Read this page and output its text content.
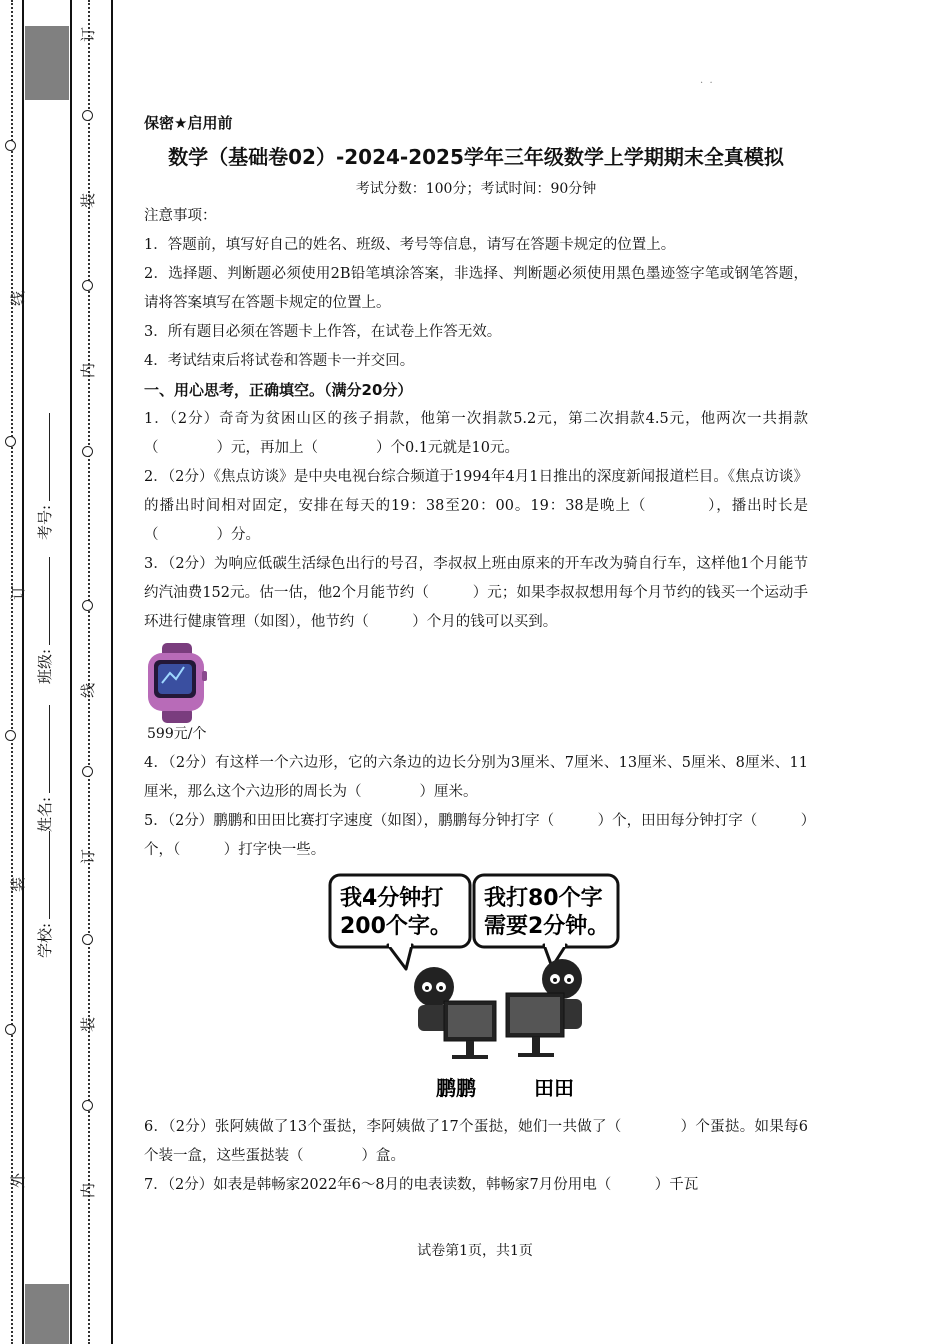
外
装
订
线
订
装
内
线
订
装
内
学校:
姓名:
班级:
考号:
·  ·

保密★启用前

数学（基础卷02）-2024-2025学年三年级数学上学期期末全真模拟

考试分数：100分；考试时间：90分钟

注意事项：

1．答题前，填写好自己的姓名、班级、考号等信息，请写在答题卡规定的位置上。

2．选择题、判断题必须使用2B铅笔填涂答案，非选择、判断题必须使用黑色墨迹签字笔或钢笔答题，请将答案填写在答题卡规定的位置上。

3．所有题目必须在答题卡上作答，在试卷上作答无效。

4．考试结束后将试卷和答题卡一并交回。

一、用心思考，正确填空。（满分20分）

1．（2分）奇奇为贫困山区的孩子捐款，他第一次捐款5.2元，第二次捐款4.5元，他两次一共捐款（　　　　）元，再加上（　　　　）个0.1元就是10元。

2．（2分）《焦点访谈》是中央电视台综合频道于1994年4月1日推出的深度新闻报道栏目。《焦点访谈》的播出时间相对固定，安排在每天的19：38至20：00。19：38是晚上（　　　　），播出时长是（　　　　）分。

3．（2分）为响应低碳生活绿色出行的号召，李叔叔上班由原来的开车改为骑自行车，这样他1个月能节约汽油费152元。估一估，他2个月能节约（　　　）元；如果李叔叔想用每个月节约的钱买一个运动手环进行健康管理（如图），他节约（　　　）个月的钱可以买到。

599元/个

4．（2分）有这样一个六边形，它的六条边的边长分别为3厘米、7厘米、13厘米、5厘米、8厘米、11厘米，那么这个六边形的周长为（　　　　）厘米。

5．（2分）鹏鹏和田田比赛打字速度（如图），鹏鹏每分钟打字（　　　）个，田田每分钟打字（　　　）个，（　　　）打字快一些。

我4分钟打
200个字。
我打80个字
需要2分钟。
鹏鹏	田田

6．（2分）张阿姨做了13个蛋挞，李阿姨做了17个蛋挞，她们一共做了（　　　　）个蛋挞。如果每6个装一盒，这些蛋挞装（　　　　）盒。

7．（2分）如表是韩畅家2022年6～8月的电表读数，韩畅家7月份用电（　　　）千瓦

试卷第1页，共1页
